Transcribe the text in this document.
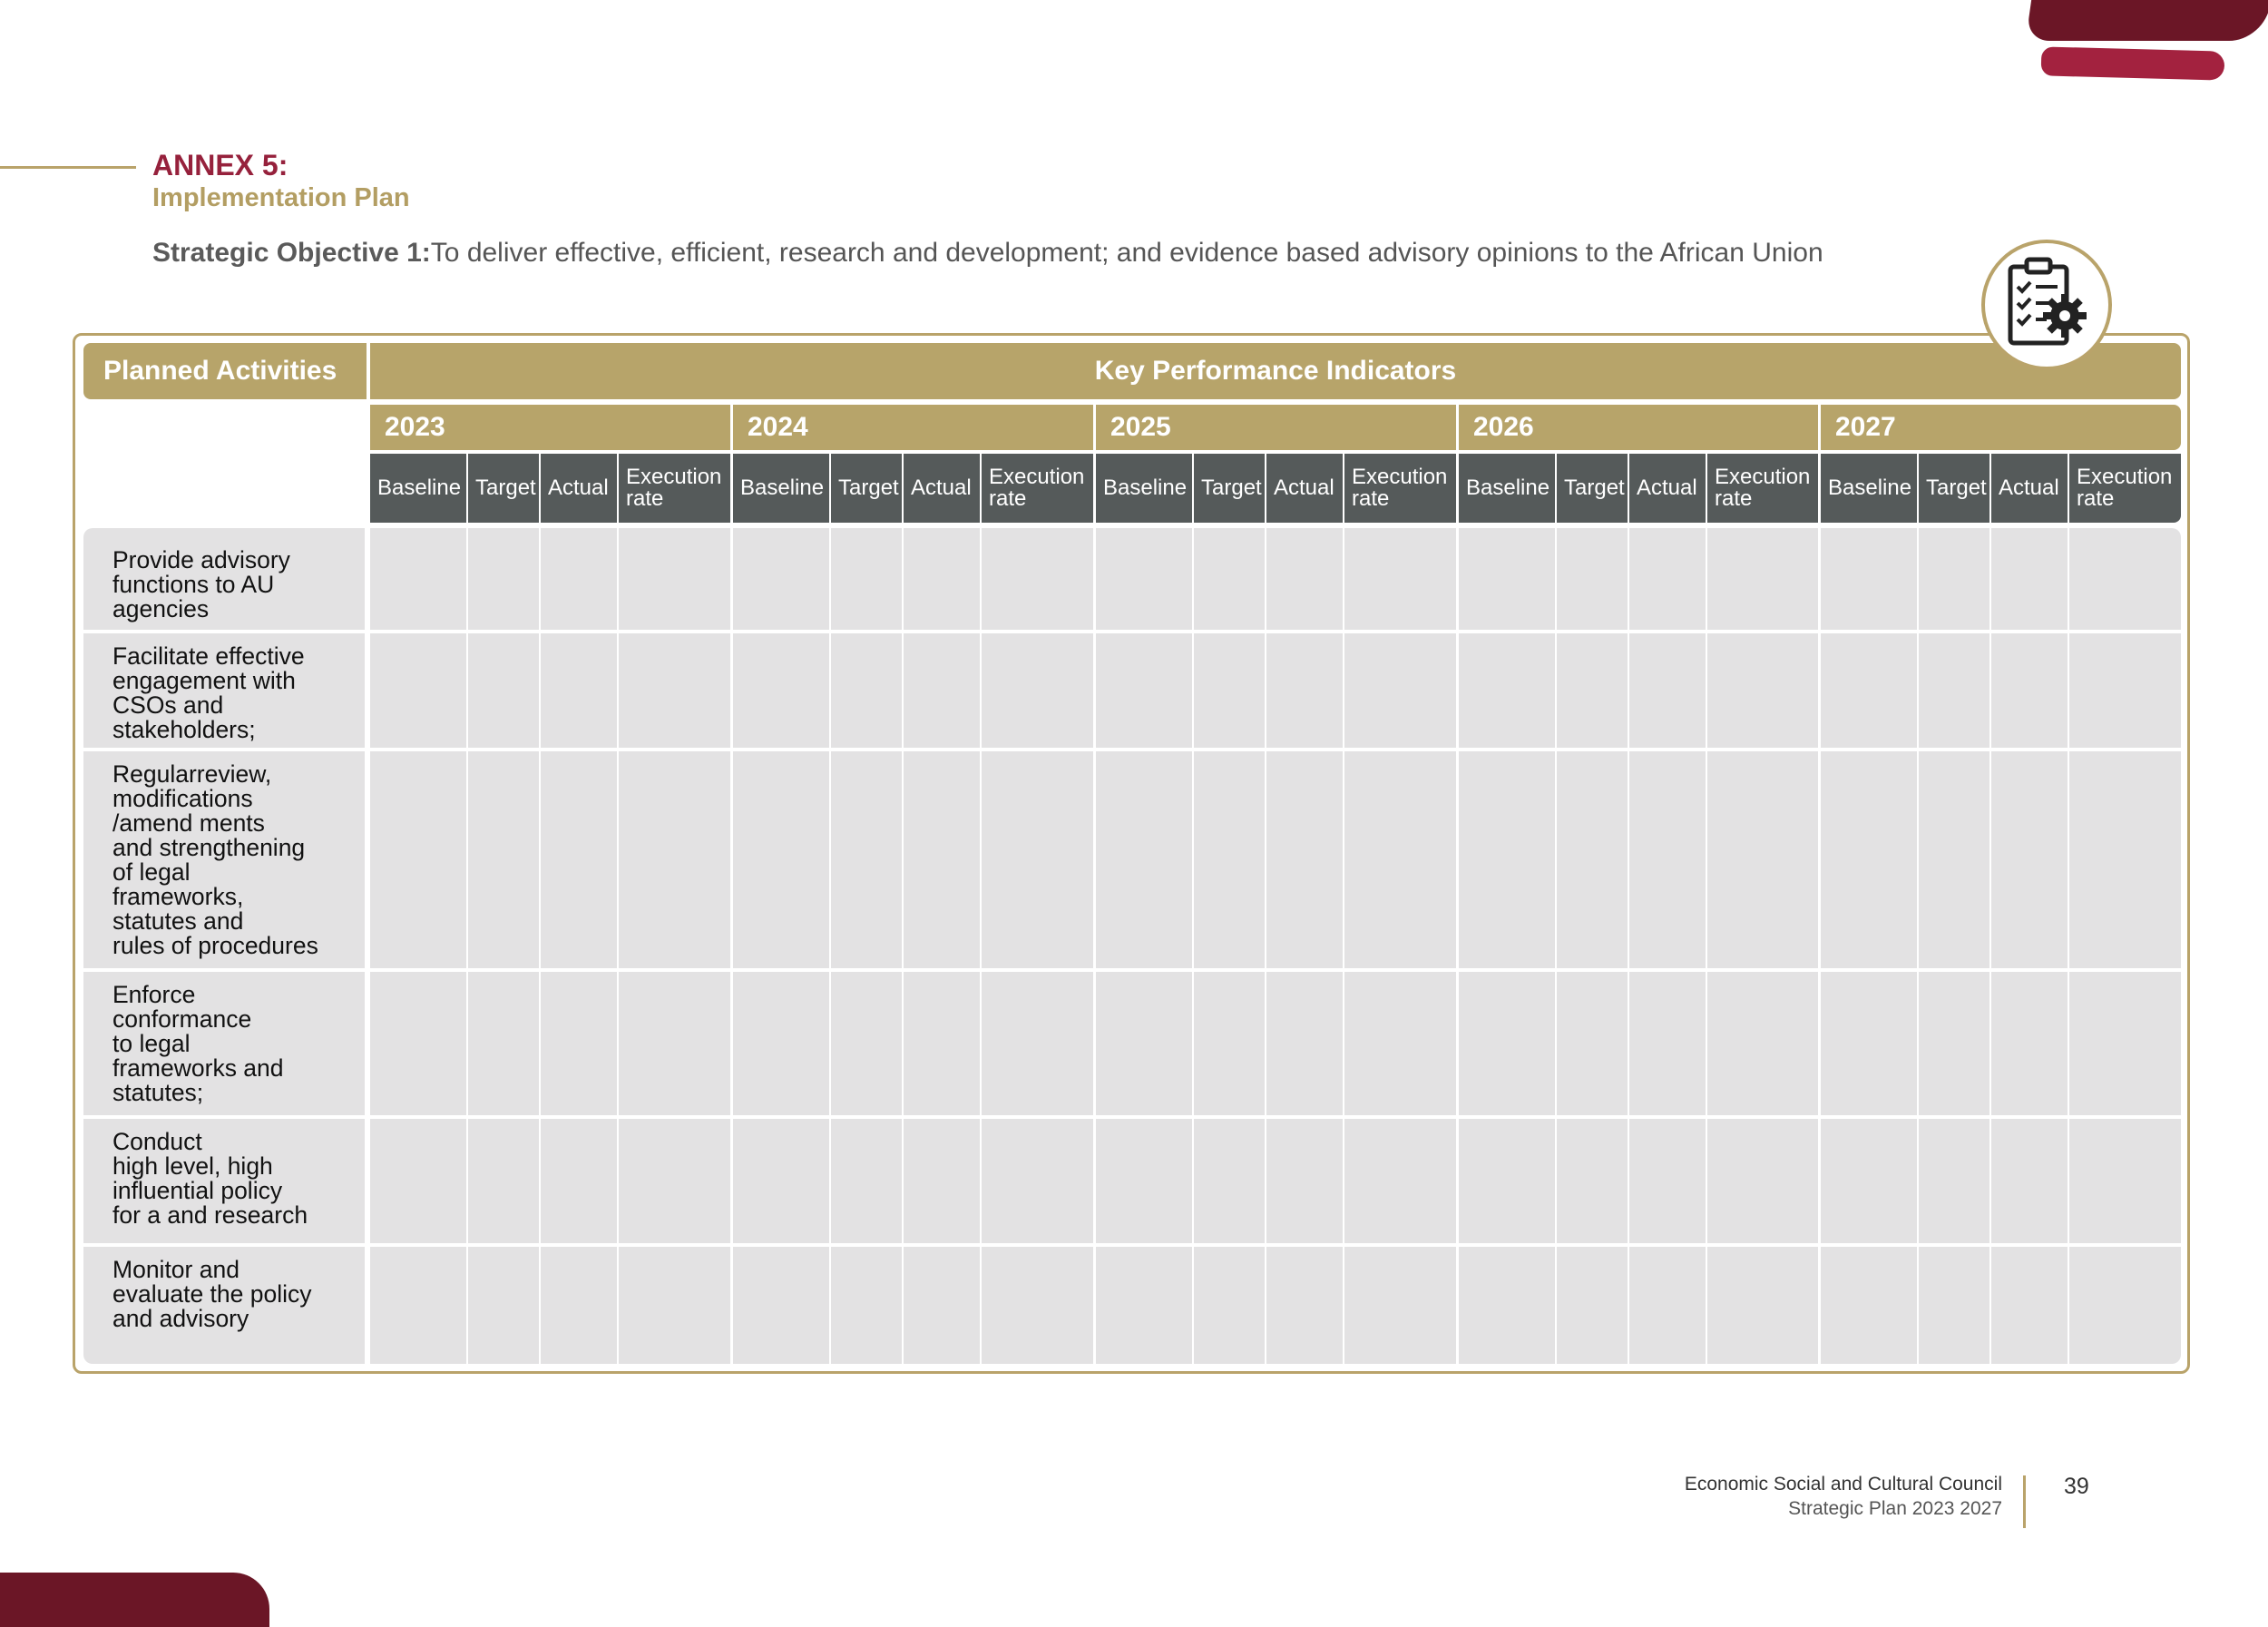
ANNEX 5:
Implementation Plan
Strategic Objective 1:To deliver effective, efficient, research and development; and evidence based advisory opinions to the African Union
Planned Activities	Key Performance Indicators
2023
Baseline Target Actual Execution
rate
2024
Baseline Target Actual Execution
rate
2025
Baseline Target Actual Execution
rate
2026
Baseline Target Actual Execution
rate
2027
Baseline Target Actual Execution
rate
Provide advisory
functions to AU
agencies
Facilitate effective
engagement with
CSOs and
stakeholders;
Regularreview,
modifications
/amend ments
and strengthening
of legal
frameworks,
statutes and
rules of procedures
Enforce
conformance
to legal
frameworks and
statutes;
Conduct
high level, high
influential policy
for a and research
Monitor and
evaluate the policy
and advisory
Economic Social and Cultural Council
Strategic Plan 2023 2027
39
